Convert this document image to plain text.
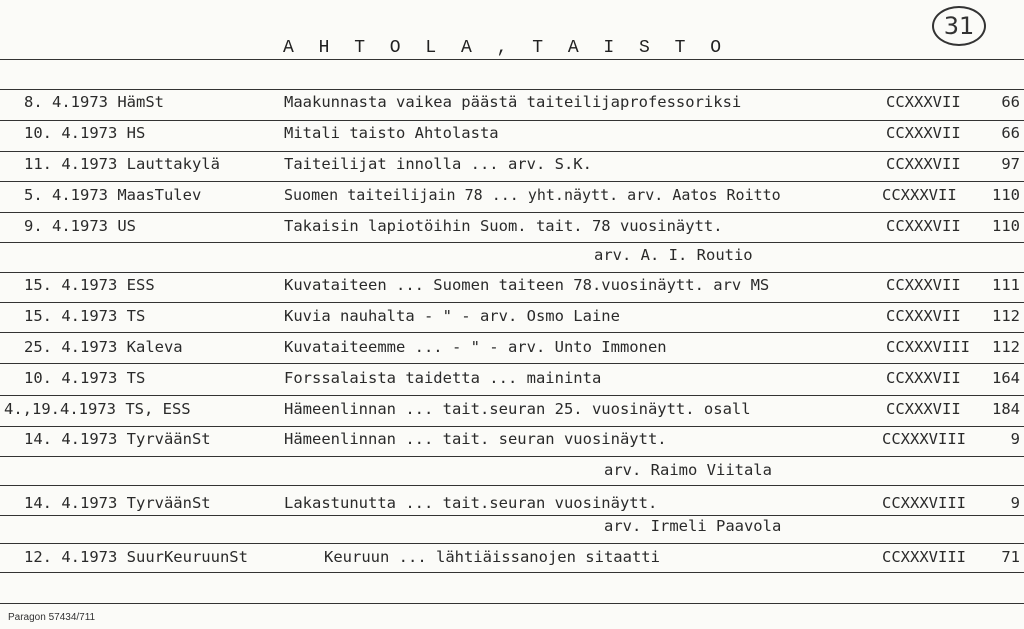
A H T O L A , T A I S T O
31
8. 4.1973 HämSt	Maakunnasta vaikea päästä taiteilijaprofessoriksi	CCXXXVII	66
10. 4.1973 HS	Mitali taisto Ahtolasta	CCXXXVII	66
11. 4.1973 Lauttakylä	Taiteilijat innolla ... arv. S.K.	CCXXXVII	97
5. 4.1973 MaasTulev	Suomen taiteilijain 78 ... yht.näytt. arv. Aatos Roitto	CCXXXVII 110
9. 4.1973 US	Takaisin lapiotöihin Suom. tait. 78 vuosinäytt.	CCXXXVII 110
arv. A. I. Routio
15. 4.1973 ESS	Kuvataiteen ... Suomen taiteen 78.vuosinäytt. arv MS	CCXXXVII 111
15. 4.1973 TS	Kuvia nauhalta - " - arv. Osmo Laine	CCXXXVII 112
25. 4.1973 Kaleva	Kuvataiteemme ... - " - arv. Unto Immonen	CCXXXVIII 112
10. 4.1973 TS	Forssalaista taidetta ... maininta	CCXXXVII 164
4.,19.4.1973 TS, ESS	Hämeenlinnan ... tait.seuran 25. vuosinäytt. osall	CCXXXVII 184
14. 4.1973 TyrväänSt	Hämeenlinnan ... tait. seuran vuosinäytt.	CCXXXVIII	9
arv. Raimo Viitala
14. 4.1973 TyrväänSt	Lakastunutta ... tait.seuran vuosinäytt.	CCXXXVIII	9
arv. Irmeli Paavola
12. 4.1973 SuurKeuruunSt	Keuruun ... lähtiäissanojen sitaatti	CCXXXVIII 71
Paragon 57434/711
